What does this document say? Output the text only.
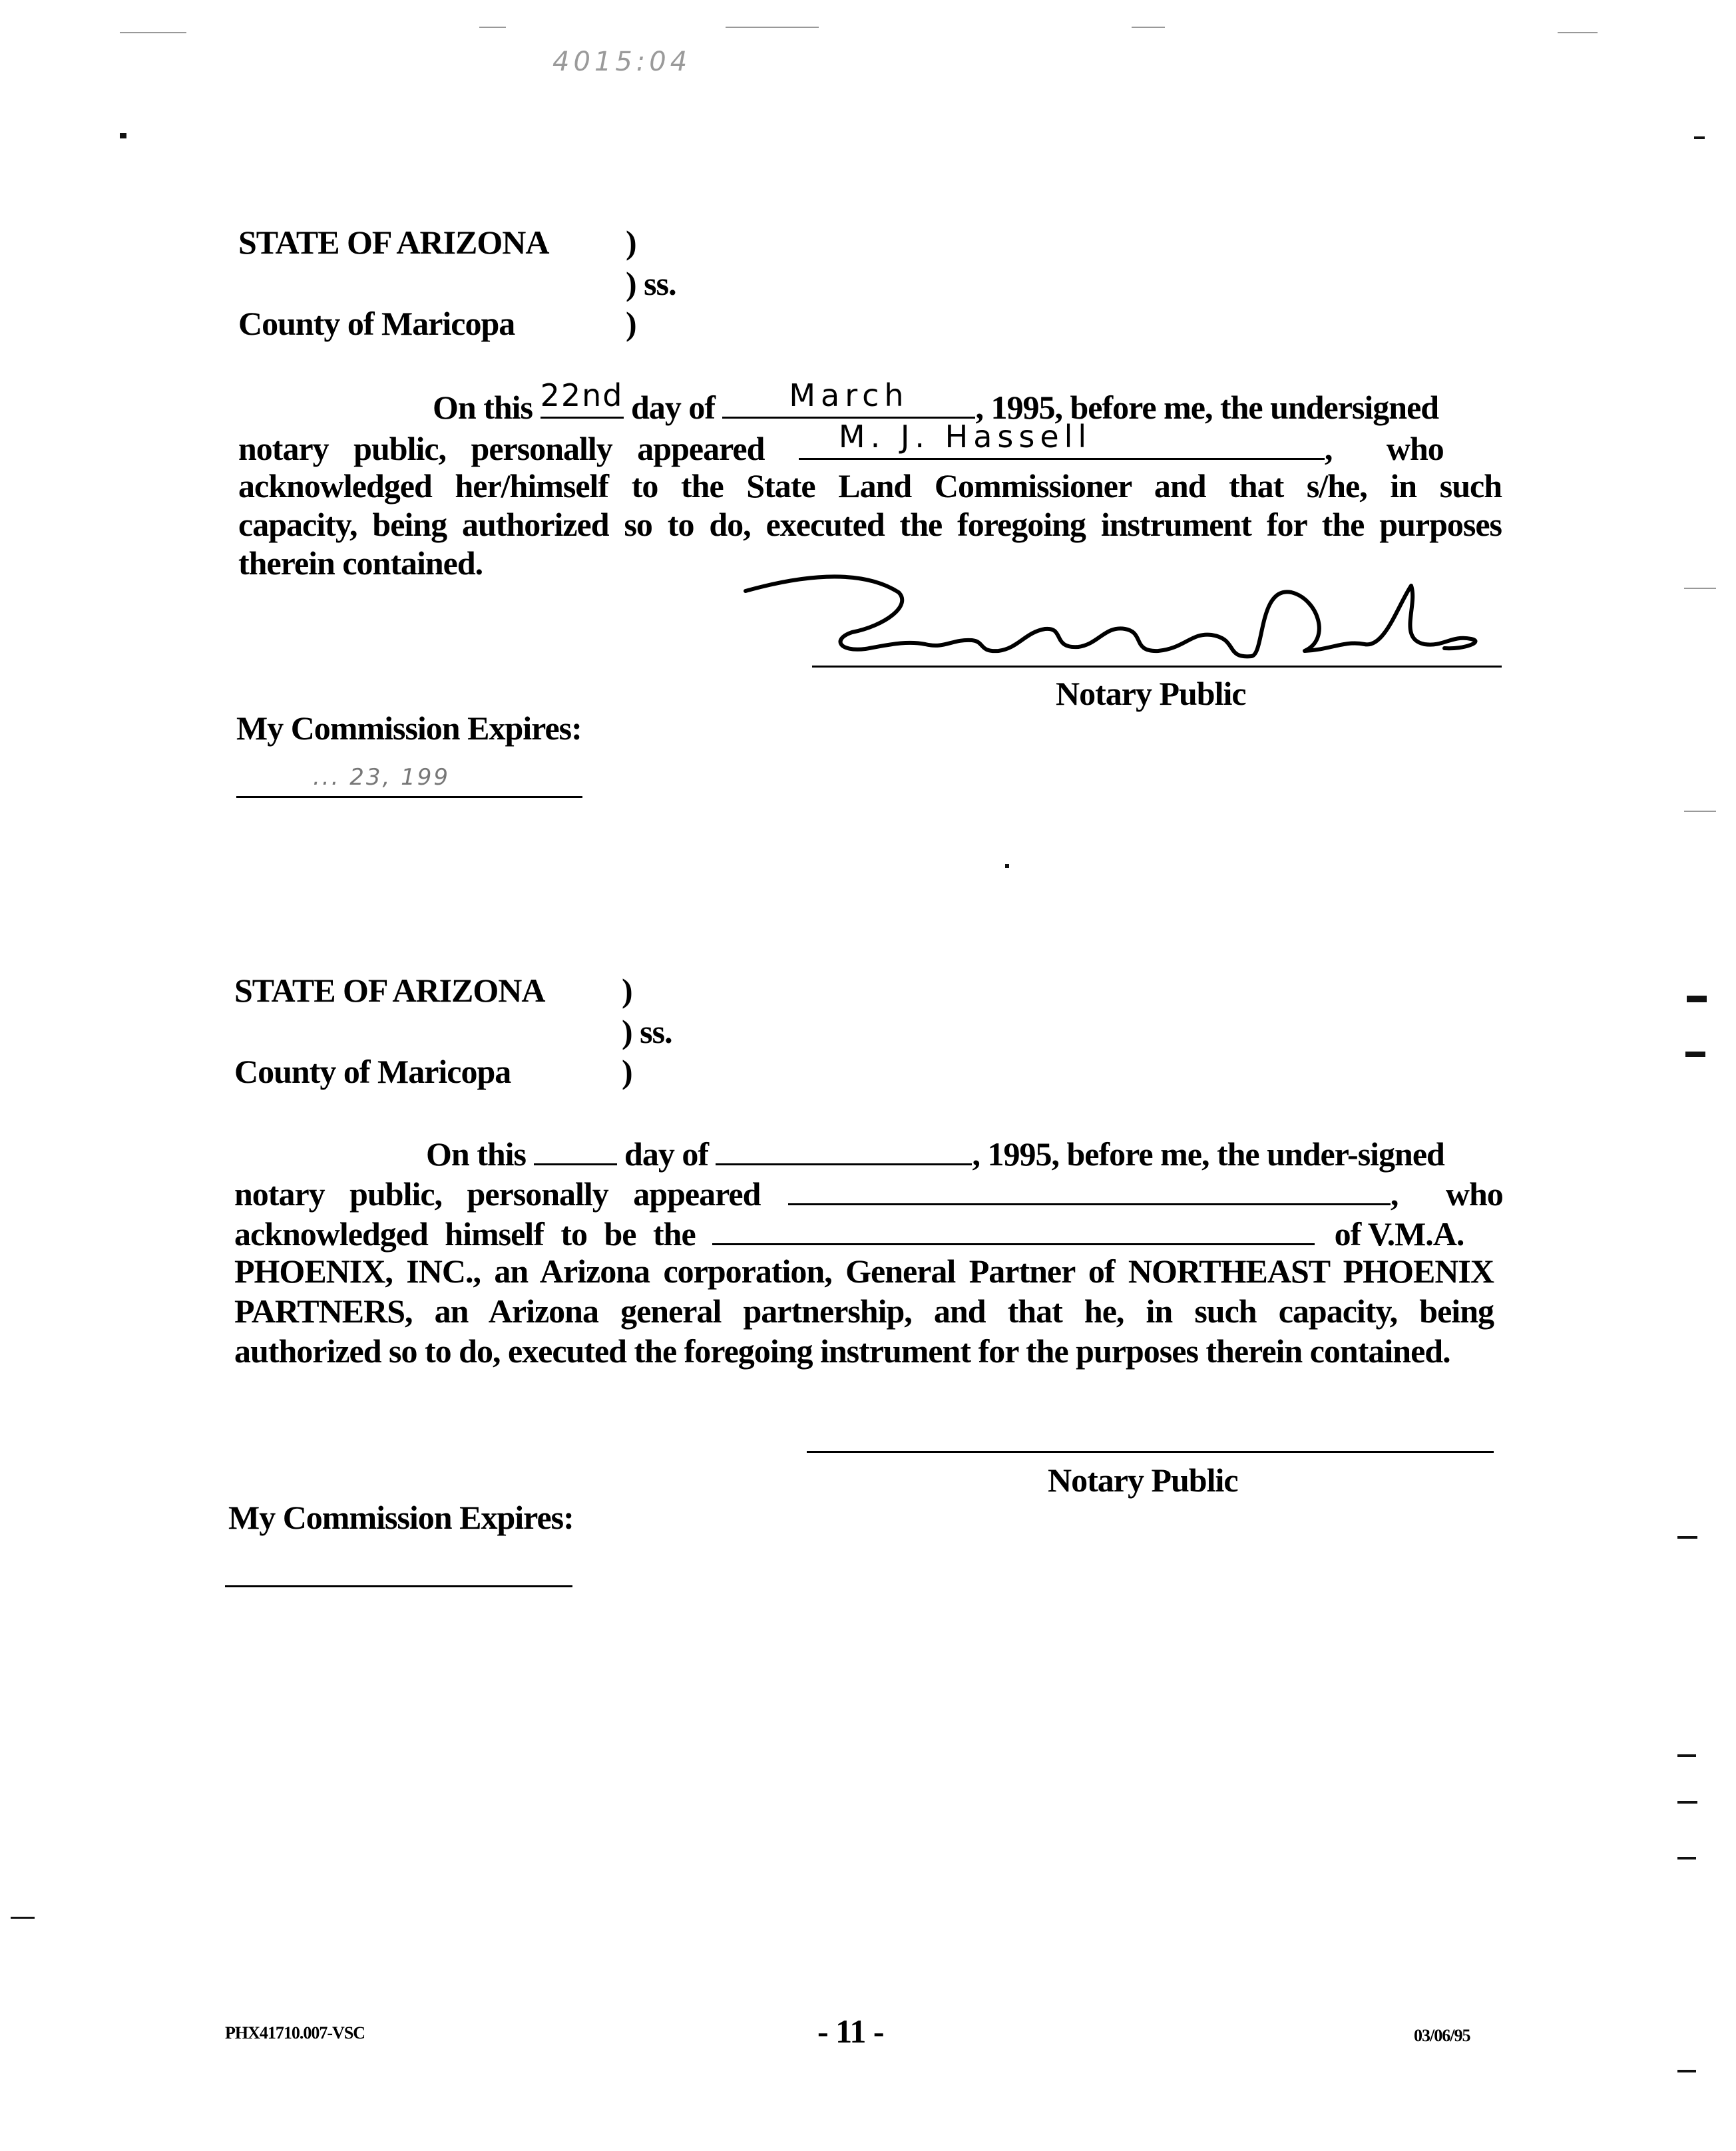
4015:04
STATE OF ARIZONA )
) ss.
County of Maricopa	)
On this 22nd day of	March	, 1995, before me, the undersigned
notary public, personally appeared	M. J. Hassell	, who
acknowledged her/himself to the State Land Commissioner and that s/he, in such
capacity, being authorized so to do, executed the foregoing instrument for the purposes
therein contained.
Notary Public
My Commission Expires:
... 23, 199
STATE OF ARIZONA )
) ss.
County of Maricopa	)
On this	day of	, 1995, before me, the under-signed
notary public, personally appeared	, who
acknowledged himself to be the	of V.M.A.
PHOENIX, INC., an Arizona corporation, General Partner of NORTHEAST PHOENIX
PARTNERS, an Arizona general partnership, and that he, in such capacity, being
authorized so to do, executed the foregoing instrument for the purposes therein contained.
Notary Public
My Commission Expires:
PHX41710.007-VSC	- 11 -	03/06/95
